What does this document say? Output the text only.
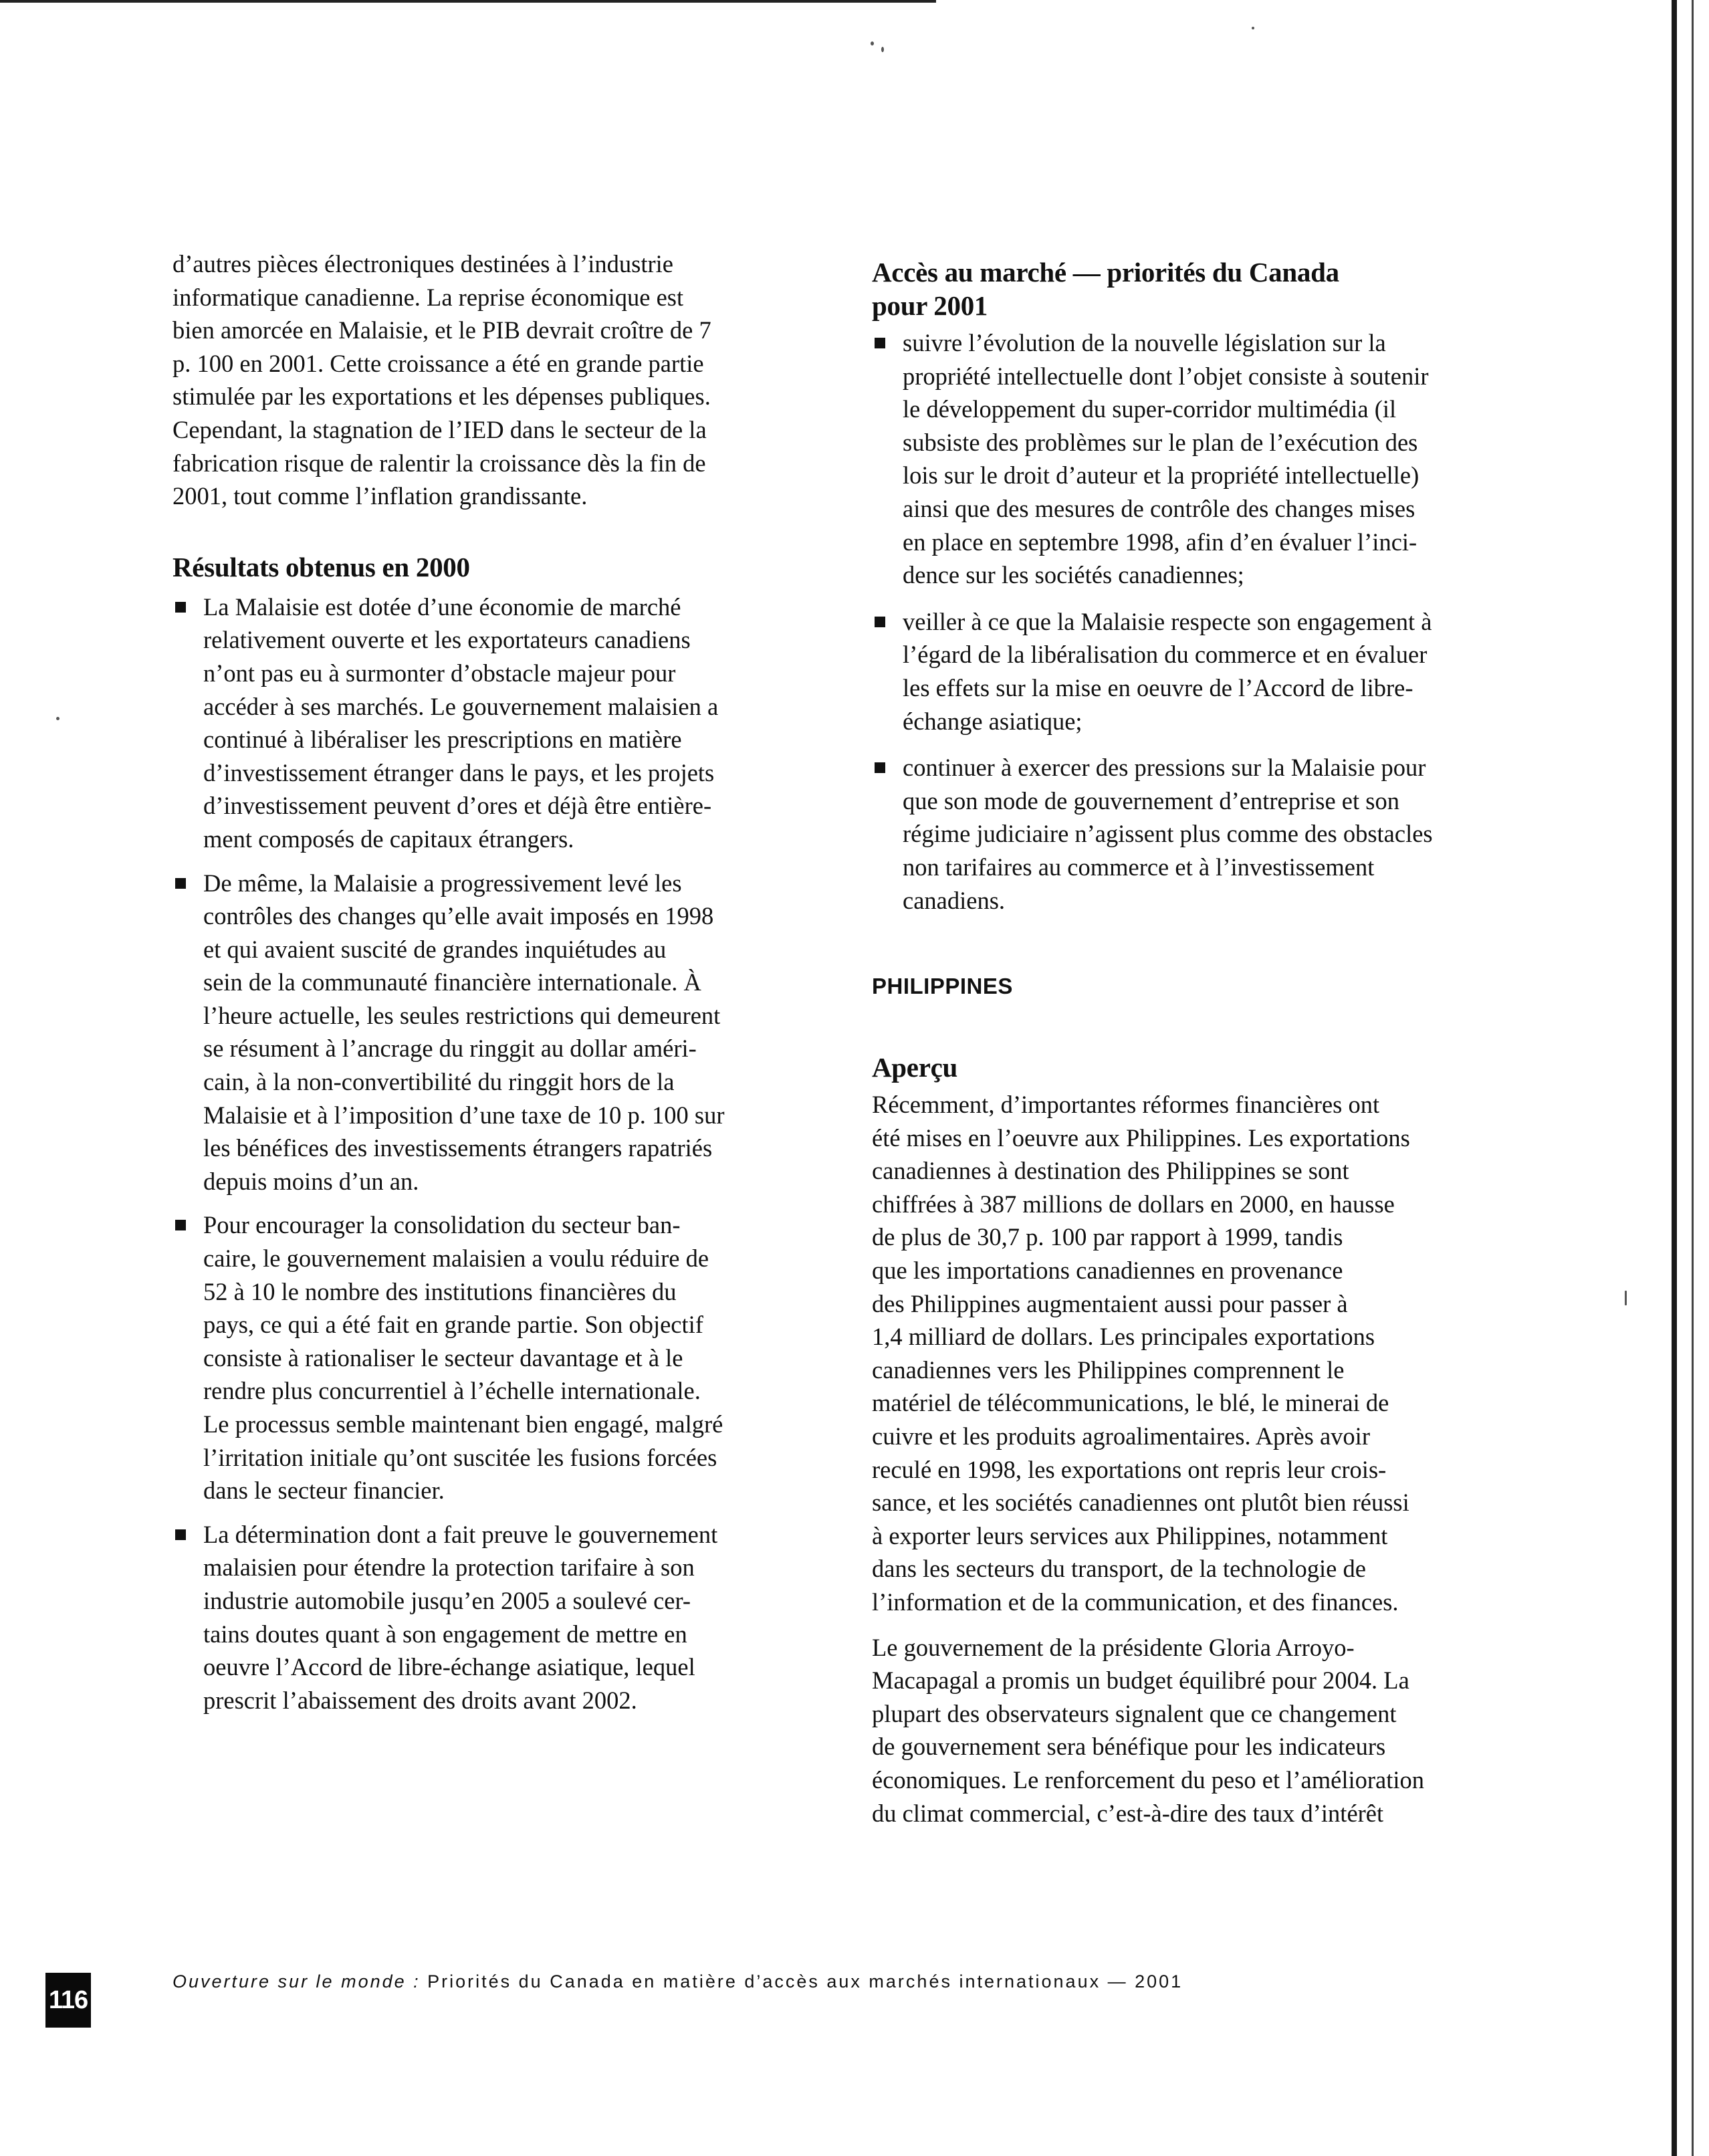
d’autres pièces électroniques destinées à l’industrie
informatique canadienne. La reprise économique est
bien amorcée en Malaisie, et le PIB devrait croître de 7
p. 100 en 2001. Cette croissance a été en grande partie
stimulée par les exportations et les dépenses publiques.
Cependant, la stagnation de l’IED dans le secteur de la
fabrication risque de ralentir la croissance dès la fin de
2001, tout comme l’inflation grandissante.

Résultats obtenus en 2000
La Malaisie est dotée d’une économie de marché
relativement ouverte et les exportateurs canadiens
n’ont pas eu à surmonter d’obstacle majeur pour
accéder à ses marchés. Le gouvernement malaisien a
continué à libéraliser les prescriptions en matière
d’investissement étranger dans le pays, et les projets
d’investissement peuvent d’ores et déjà être entière-
ment composés de capitaux étrangers.
De même, la Malaisie a progressivement levé les
contrôles des changes qu’elle avait imposés en 1998
et qui avaient suscité de grandes inquiétudes au
sein de la communauté financière internationale. À
l’heure actuelle, les seules restrictions qui demeurent
se résument à l’ancrage du ringgit au dollar améri-
cain, à la non-convertibilité du ringgit hors de la
Malaisie et à l’imposition d’une taxe de 10 p. 100 sur
les bénéfices des investissements étrangers rapatriés
depuis moins d’un an.
Pour encourager la consolidation du secteur ban-
caire, le gouvernement malaisien a voulu réduire de
52 à 10 le nombre des institutions financières du
pays, ce qui a été fait en grande partie. Son objectif
consiste à rationaliser le secteur davantage et à le
rendre plus concurrentiel à l’échelle internationale.
Le processus semble maintenant bien engagé, malgré
l’irritation initiale qu’ont suscitée les fusions forcées
dans le secteur financier.
La détermination dont a fait preuve le gouvernement
malaisien pour étendre la protection tarifaire à son
industrie automobile jusqu’en 2005 a soulevé cer-
tains doutes quant à son engagement de mettre en
oeuvre l’Accord de libre-échange asiatique, lequel
prescrit l’abaissement des droits avant 2002.
Accès au marché — priorités du Canada
pour 2001
suivre l’évolution de la nouvelle législation sur la
propriété intellectuelle dont l’objet consiste à soutenir
le développement du super-corridor multimédia (il
subsiste des problèmes sur le plan de l’exécution des
lois sur le droit d’auteur et la propriété intellectuelle)
ainsi que des mesures de contrôle des changes mises
en place en septembre 1998, afin d’en évaluer l’inci-
dence sur les sociétés canadiennes;
veiller à ce que la Malaisie respecte son engagement à
l’égard de la libéralisation du commerce et en évaluer
les effets sur la mise en oeuvre de l’Accord de libre-
échange asiatique;
continuer à exercer des pressions sur la Malaisie pour
que son mode de gouvernement d’entreprise et son
régime judiciaire n’agissent plus comme des obstacles
non tarifaires au commerce et à l’investissement
canadiens.
PHILIPPINES
Aperçu

Récemment, d’importantes réformes financières ont
été mises en l’oeuvre aux Philippines. Les exportations
canadiennes à destination des Philippines se sont
chiffrées à 387 millions de dollars en 2000, en hausse
de plus de 30,7 p. 100 par rapport à 1999, tandis
que les importations canadiennes en provenance
des Philippines augmentaient aussi pour passer à
1,4 milliard de dollars. Les principales exportations
canadiennes vers les Philippines comprennent le
matériel de télécommunications, le blé, le minerai de
cuivre et les produits agroalimentaires. Après avoir
reculé en 1998, les exportations ont repris leur crois-
sance, et les sociétés canadiennes ont plutôt bien réussi
à exporter leurs services aux Philippines, notamment
dans les secteurs du transport, de la technologie de
l’information et de la communication, et des finances.

Le gouvernement de la présidente Gloria Arroyo-
Macapagal a promis un budget équilibré pour 2004. La
plupart des observateurs signalent que ce changement
de gouvernement sera bénéfique pour les indicateurs
économiques. Le renforcement du peso et l’amélioration
du climat commercial, c’est-à-dire des taux d’intérêt

116
Ouverture sur le monde : Priorités du Canada en matière d’accès aux marchés internationaux — 2001
